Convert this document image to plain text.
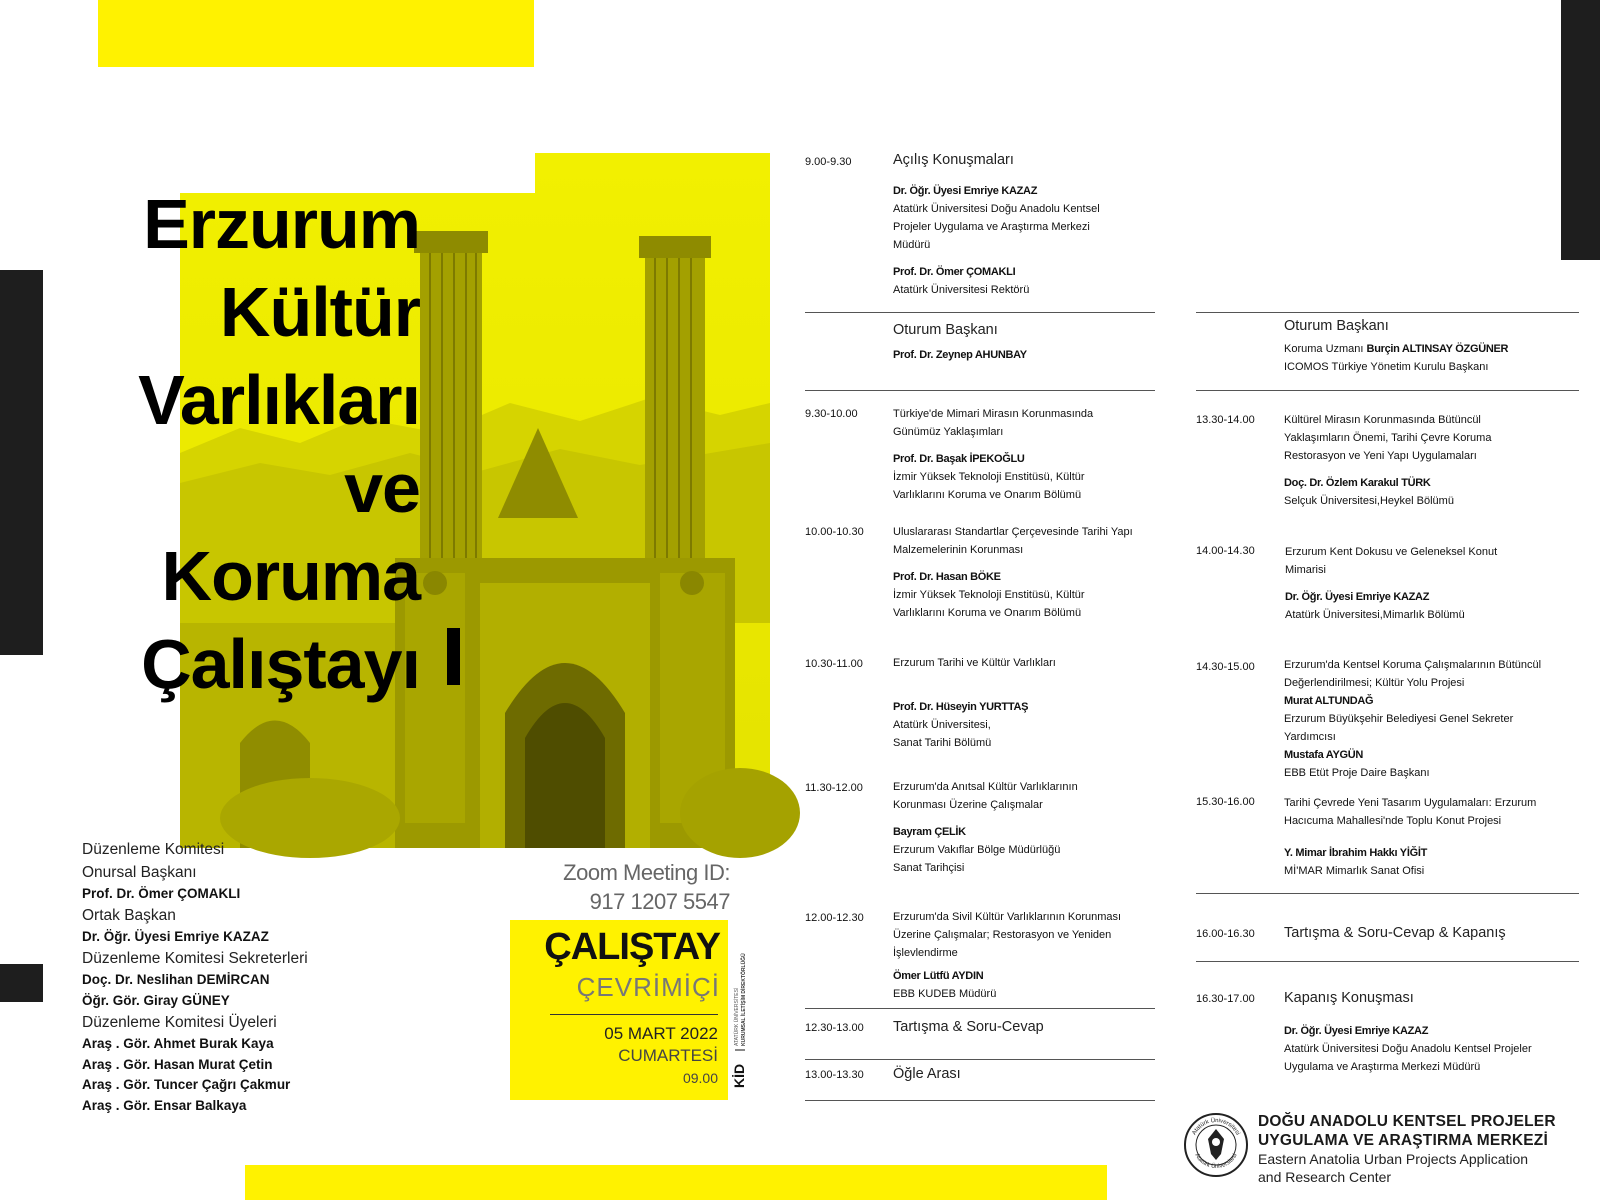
Erzurum
Kültür
Varlıkları
ve
Koruma
Çalıştayı
Düzenleme Komitesi
Onursal Başkanı
Prof. Dr. Ömer ÇOMAKLI
Ortak Başkan
Dr. Öğr. Üyesi Emriye KAZAZ
Düzenleme Komitesi Sekreterleri
Doç. Dr. Neslihan DEMİRCAN
Öğr. Gör. Giray GÜNEY
Düzenleme Komitesi Üyeleri
Araş . Gör. Ahmet Burak Kaya
Araş . Gör. Hasan Murat Çetin
Araş . Gör. Tuncer Çağrı Çakmur
Araş . Gör. Ensar Balkaya
Zoom Meeting ID:
917 1207 5547
ÇALIŞTAY
ÇEVRİMİÇİ
05 MART 2022
CUMARTESİ
09.00 KİD
ATATÜRK ÜNİVERSİTESİ KURUMSAL İLETİŞİM DİREKTÖRLÜĞÜ
9.00-9.30	Açılış Konuşmaları
Dr. Öğr. Üyesi Emriye KAZAZ
Atatürk Üniversitesi Doğu Anadolu Kentsel
Projeler Uygulama ve Araştırma Merkezi
Müdürü
Prof. Dr. Ömer ÇOMAKLI
Atatürk Üniversitesi Rektörü
Oturum Başkanı
Prof. Dr. Zeynep AHUNBAY
9.30-10.00	Türkiye'de Mimari Mirasın Korunmasında
Günümüz Yaklaşımları
Prof. Dr. Başak İPEKOĞLU
İzmir Yüksek Teknoloji Enstitüsü, Kültür
Varlıklarını Koruma ve Onarım Bölümü
10.00-10.30	Uluslararası Standartlar Çerçevesinde Tarihi Yapı
Malzemelerinin Korunması
Prof. Dr. Hasan BÖKE
İzmir Yüksek Teknoloji Enstitüsü, Kültür
Varlıklarını Koruma ve Onarım Bölümü
10.30-11.00	Erzurum Tarihi ve Kültür Varlıkları
Prof. Dr. Hüseyin YURTTAŞ
Atatürk Üniversitesi,
Sanat Tarihi Bölümü
11.30-12.00	Erzurum'da Anıtsal Kültür Varlıklarının
Korunması Üzerine Çalışmalar
Bayram ÇELİK
Erzurum Vakıflar Bölge Müdürlüğü
Sanat Tarihçisi
12.00-12.30	Erzurum'da Sivil Kültür Varlıklarının Korunması
Üzerine Çalışmalar; Restorasyon ve Yeniden
İşlevlendirme
Ömer Lütfü AYDIN
EBB KUDEB Müdürü
12.30-13.00 Tartışma & Soru-Cevap
13.00-13.30 Öğle Arası
Oturum Başkanı
Koruma Uzmanı Burçin ALTINSAY ÖZGÜNER
ICOMOS Türkiye Yönetim Kurulu Başkanı
13.30-14.00	Kültürel Mirasın Korunmasında Bütüncül
Yaklaşımların Önemi, Tarihi Çevre Koruma
Restorasyon ve Yeni Yapı Uygulamaları
Doç. Dr. Özlem Karakul TÜRK
Selçuk Üniversitesi,Heykel Bölümü
14.00-14.30	Erzurum Kent Dokusu ve Geleneksel Konut
Mimarisi
Dr. Öğr. Üyesi Emriye KAZAZ
Atatürk Üniversitesi,Mimarlık Bölümü
14.30-15.00	Erzurum'da Kentsel Koruma Çalışmalarının Bütüncül
Değerlendirilmesi; Kültür Yolu Projesi
Murat ALTUNDAĞ
Erzurum Büyükşehir Belediyesi Genel Sekreter
Yardımcısı
Mustafa AYGÜN
EBB Etüt Proje Daire Başkanı
15.30-16.00	Tarihi Çevrede Yeni Tasarım Uygulamaları: Erzurum
Hacıcuma Mahallesi'nde Toplu Konut Projesi
Y. Mimar İbrahim Hakkı YİĞİT
Mİ'MAR Mimarlık Sanat Ofisi
16.00-16.30 Tartışma & Soru-Cevap & Kapanış
16.30-17.00 Kapanış Konuşması
Dr. Öğr. Üyesi Emriye KAZAZ
Atatürk Üniversitesi Doğu Anadolu Kentsel Projeler
Uygulama ve Araştırma Merkezi Müdürü
Atatürk Üniversitesi
Atatürk Üniversitesi
DOĞU ANADOLU KENTSEL PROJELER
UYGULAMA VE ARAŞTIRMA MERKEZİ
Eastern Anatolia Urban Projects Application
and Research Center
